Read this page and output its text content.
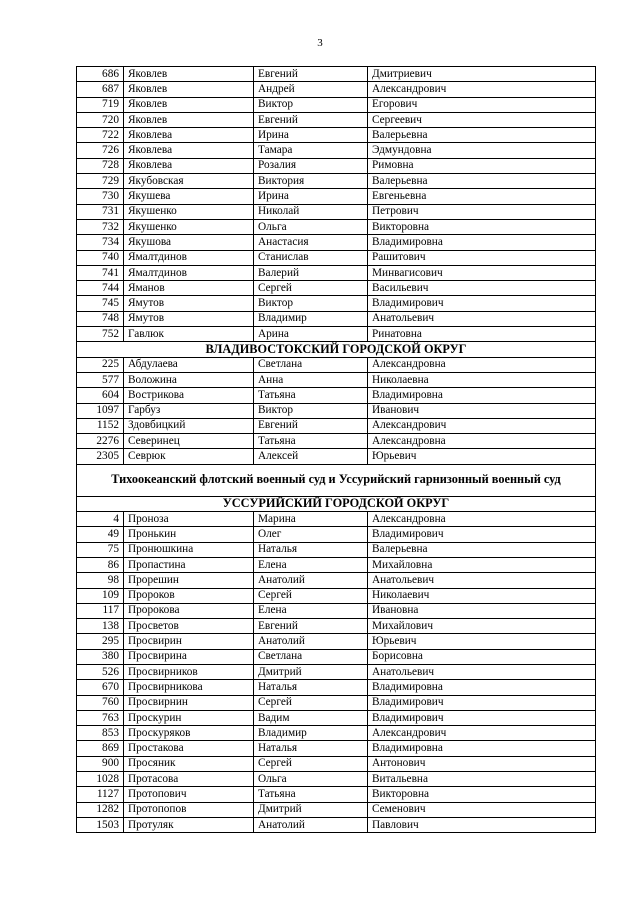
3
686	Яковлев	Евгений	Дмитриевич
687	Яковлев	Андрей	Александрович
719	Яковлев	Виктор	Егорович
720	Яковлев	Евгений	Сергеевич
722	Яковлева	Ирина	Валерьевна
726	Яковлева	Тамара	Эдмундовна
728	Яковлева	Розалия	Римовна
729	Якубовская	Виктория	Валерьевна
730	Якушева	Ирина	Евгеньевна
731	Якушенко	Николай	Петрович
732	Якушенко	Ольга	Викторовна
734	Якушова	Анастасия	Владимировна
740	Ямалтдинов	Станислав	Рашитович
741	Ямалтдинов	Валерий	Минвагисович
744	Яманов	Сергей	Васильевич
745	Ямутов	Виктор	Владимирович
748	Ямутов	Владимир	Анатольевич
752	Гавлюк	Арина	Ринатовна
ВЛАДИВОСТОКСКИЙ ГОРОДСКОЙ ОКРУГ			
225	Абдулаева	Светлана	Александровна
577	Воложина	Анна	Николаевна
604	Вострикова	Татьяна	Владимировна
1097	Гарбуз	Виктор	Иванович
1152	Здовбицкий	Евгений	Александрович
2276	Северинец	Татьяна	Александровна
2305	Севрюк	Алексей	Юрьевич
Тихоокеанский флотский военный суд и Уссурийский гарнизонный военный суд			
УССУРИЙСКИЙ ГОРОДСКОЙ ОКРУГ			
4	Проноза	Марина	Александровна
49	Пронькин	Олег	Владимирович
75	Пронюшкина	Наталья	Валерьевна
86	Пропастина	Елена	Михайловна
98	Прорешин	Анатолий	Анатольевич
109	Пророков	Сергей	Николаевич
117	Пророкова	Елена	Ивановна
138	Просветов	Евгений	Михайлович
295	Просвирин	Анатолий	Юрьевич
380	Просвирина	Светлана	Борисовна
526	Просвирников	Дмитрий	Анатольевич
670	Просвирникова	Наталья	Владимировна
760	Просвирнин	Сергей	Владимирович
763	Проскурин	Вадим	Владимирович
853	Проскуряков	Владимир	Александрович
869	Простакова	Наталья	Владимировна
900	Просяник	Сергей	Антонович
1028	Протасова	Ольга	Витальевна
1127	Протопович	Татьяна	Викторовна
1282	Протопопов	Дмитрий	Семенович
1503	Протуляк	Анатолий	Павлович
